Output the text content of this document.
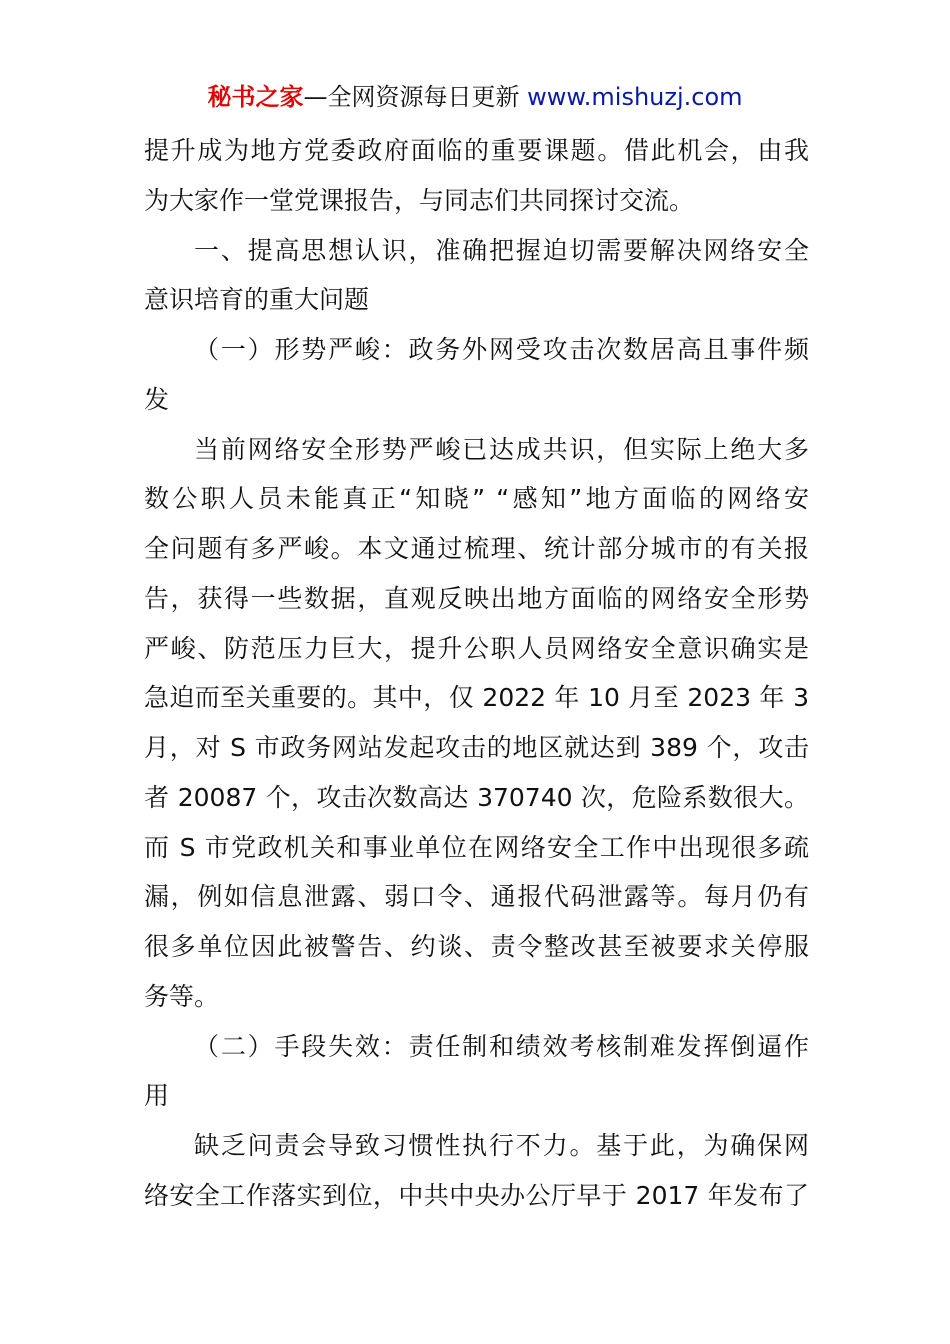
秘书之家—全网资源每日更新 www.mishuzj.com
提升成为地方党委政府面临的重要课题。借此机会，由我
为大家作一堂党课报告，与同志们共同探讨交流。
一、提高思想认识，准确把握迫切需要解决网络安全
意识培育的重大问题
（一）形势严峻：政务外网受攻击次数居高且事件频
发
当前网络安全形势严峻已达成共识，但实际上绝大多
数公职人员未能真正“知晓” “感知”地方面临的网络安
全问题有多严峻。本文通过梳理、统计部分城市的有关报
告，获得一些数据，直观反映出地方面临的网络安全形势
严峻、防范压力巨大，提升公职人员网络安全意识确实是
急迫而至关重要的。其中，仅 2022 年 10 月至 2023 年 3
月，对 S 市政务网站发起攻击的地区就达到 389 个，攻击
者 20087 个，攻击次数高达 370740 次，危险系数很大。
而 S 市党政机关和事业单位在网络安全工作中出现很多疏
漏，例如信息泄露、弱口令、通报代码泄露等。每月仍有
很多单位因此被警告、约谈、责令整改甚至被要求关停服
务等。
（二）手段失效：责任制和绩效考核制难发挥倒逼作
用
缺乏问责会导致习惯性执行不力。基于此，为确保网
络安全工作落实到位，中共中央办公厅早于 2017 年发布了
